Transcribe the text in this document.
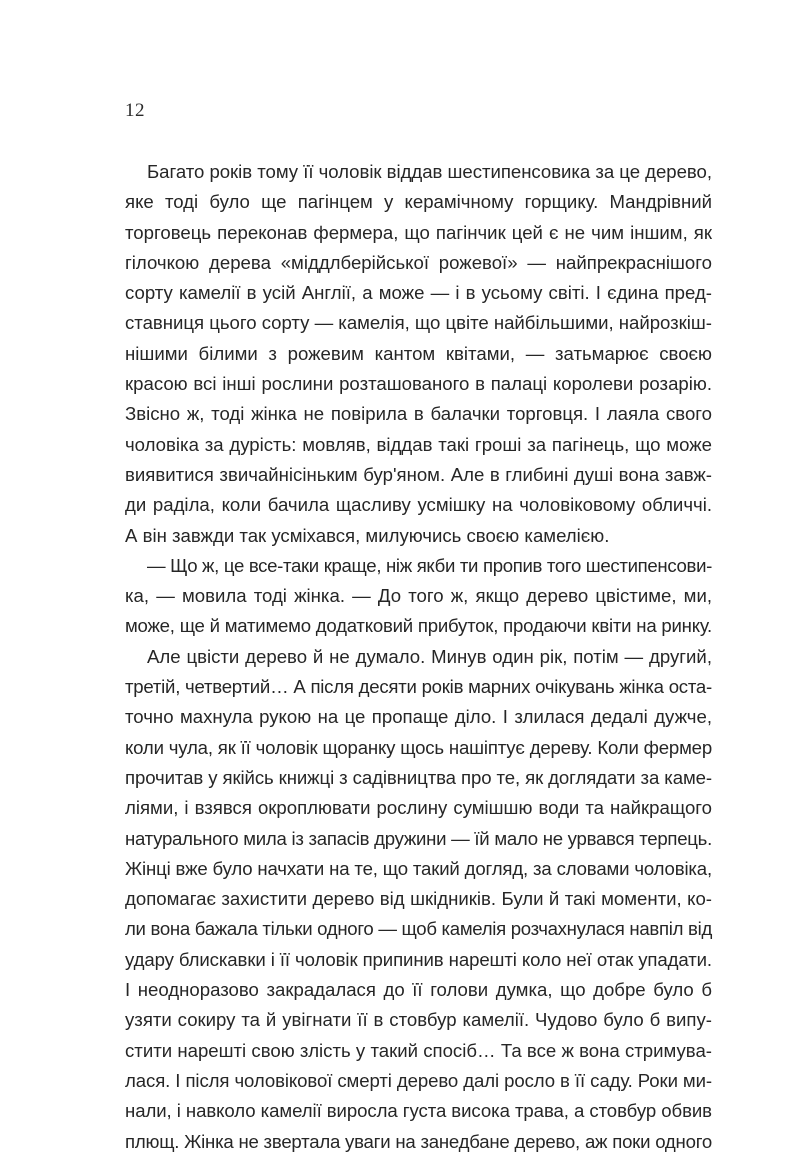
12
Багато років тому її чоловік віддав шестипенсовика за це дерево,
яке тоді було ще пагінцем у керамічному горщику. Мандрівний
торговець переконав фермера, що пагінчик цей є не чим іншим, як
гілочкою дерева «міддлберійської рожевої» — найпрекраснішого
сорту камелії в усій Англії, а може — і в усьому світі. І єдина пред-
ставниця цього сорту — камелія, що цвіте найбільшими, найрозкіш-
нішими білими з рожевим кантом квітами, — затьмарює своєю
красою всі інші рослини розташованого в палаці королеви розарію.
Звісно ж, тоді жінка не повірила в балачки торговця. І лаяла свого
чоловіка за дурість: мовляв, віддав такі гроші за пагінець, що може
виявитися звичайнісіньким бур'яном. Але в глибині душі вона завж-
ди раділа, коли бачила щасливу усмішку на чоловіковому обличчі.
А він завжди так усміхався, милуючись своєю камелією.
— Що ж, це все-таки краще, ніж якби ти пропив того шестипенсови-
ка, — мовила тоді жінка. — До того ж, якщо дерево цвістиме, ми,
може, ще й матимемо додатковий прибуток, продаючи квіти на ринку.
Але цвісти дерево й не думало. Минув один рік, потім — другий,
третій, четвертий… А після десяти років марних очікувань жінка оста-
точно махнула рукою на це пропаще діло. І злилася дедалі дужче,
коли чула, як її чоловік щоранку щось нашіптує дереву. Коли фермер
прочитав у якійсь книжці з садівництва про те, як доглядати за каме-
ліями, і взявся окроплювати рослину сумішшю води та найкращого
натурального мила із запасів дружини — їй мало не урвався терпець.
Жінці вже було начхати на те, що такий догляд, за словами чоловіка,
допомагає захистити дерево від шкідників. Були й такі моменти, ко-
ли вона бажала тільки одного — щоб камелія розчахнулася навпіл від
удару блискавки і її чоловік припинив нарешті коло неї отак упадати.
І неодноразово закрадалася до її голови думка, що добре було б
узяти сокиру та й увігнати її в стовбур камелії. Чудово було б випу-
стити нарешті свою злість у такий спосіб… Та все ж вона стримува-
лася. І після чоловікової смерті дерево далі росло в її саду. Роки ми-
нали, і навколо камелії виросла густа висока трава, а стовбур обвив
плющ. Жінка не звертала уваги на занедбане дерево, аж поки одного
